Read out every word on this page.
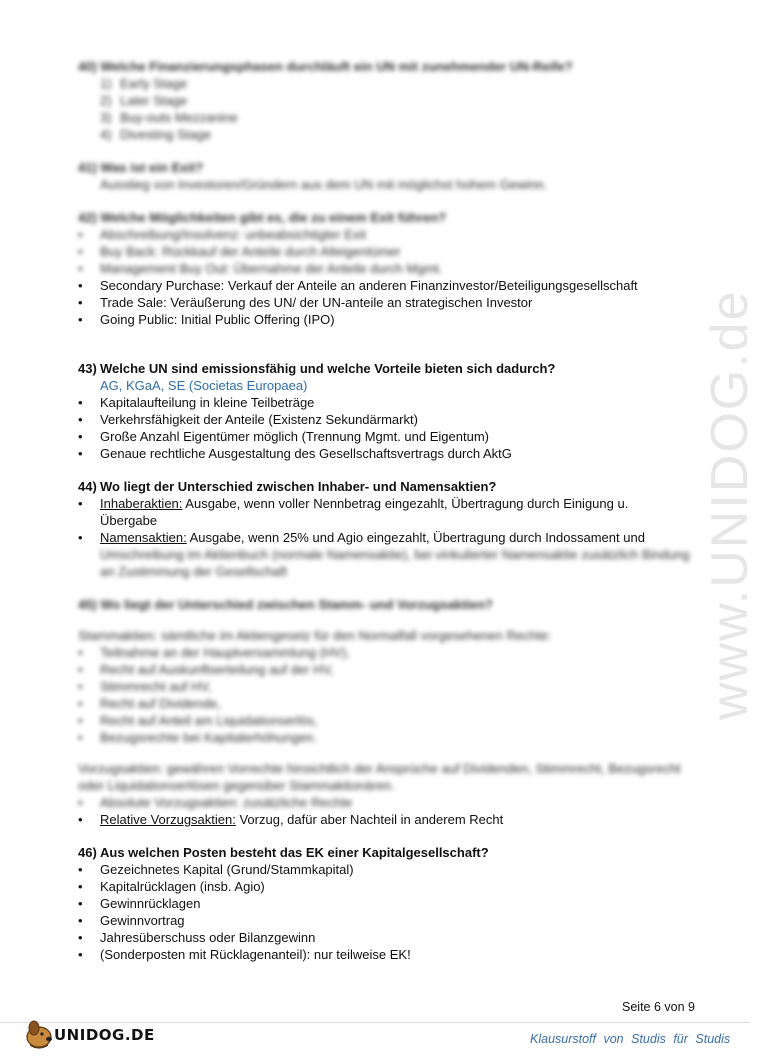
www.UNIDOG.de

40) Welche Finanzierungsphasen durchläuft ein UN mit zunehmender UN-Reife?

1) Early Stage
2) Later Stage
3) Buy-outs Mezzanine
4) Divesting Stage

41) Was ist ein Exit?

Ausstieg von Investoren/Gründern aus dem UN mit möglichst hohem Gewinn.

42) Welche Möglichkeiten gibt es, die zu einem Exit führen?

• Abschreibung/Insolvenz: unbeabsichtigter Exit
• Buy Back: Rückkauf der Anteile durch Alteigentümer
• Management Buy Out: Übernahme der Anteile durch Mgmt.
• Secondary Purchase: Verkauf der Anteile an anderen Finanzinvestor/Beteiligungsgesellschaft
• Trade Sale: Veräußerung des UN/ der UN-anteile an strategischen Investor
• Going Public: Initial Public Offering (IPO)

43) Welche UN sind emissionsfähig und welche Vorteile bieten sich dadurch?

AG, KGaA, SE (Societas Europaea)
• Kapitalaufteilung in kleine Teilbeträge
• Verkehrsfähigkeit der Anteile (Existenz Sekundärmarkt)
• Große Anzahl Eigentümer möglich (Trennung Mgmt. und Eigentum)
• Genaue rechtliche Ausgestaltung des Gesellschaftsvertrags durch AktG

44) Wo liegt der Unterschied zwischen Inhaber- und Namensaktien?

• Inhaberaktien: Ausgabe, wenn voller Nennbetrag eingezahlt, Übertragung durch Einigung u.
Übergabe
• Namensaktien: Ausgabe, wenn 25% und Agio eingezahlt, Übertragung durch Indossament und
Umschreibung im Aktienbuch (normale Namensaktie), bei vinkulierter Namensaktie zusätzlich Bindung an Zustimmung der Gesellschaft

45) Wo liegt der Unterschied zwischen Stamm- und Vorzugsaktien?

Stammaktien: sämtliche im Aktiengesetz für den Normalfall vorgesehenen Rechte:
• Teilnahme an der Hauptversammlung (HV),
• Recht auf Auskunftserteilung auf der HV,
• Stimmrecht auf HV,
• Recht auf Dividende,
• Recht auf Anteil am Liquidationserlös,
• Bezugsrechte bei Kapitalerhöhungen.
Vorzugsaktien: gewähren Vorrechte hinsichtlich der Ansprüche auf Dividenden, Stimmrecht, Bezugsrecht oder Liquidationserlösen gegenüber Stammaktionären.
• Absolute Vorzugsaktien: zusätzliche Rechte
• Relative Vorzugsaktien: Vorzug, dafür aber Nachteil in anderem Recht

46) Aus welchen Posten besteht das EK einer Kapitalgesellschaft?

• Gezeichnetes Kapital (Grund/Stammkapital)
• Kapitalrücklagen (insb. Agio)
• Gewinnrücklagen
• Gewinnvortrag
• Jahresüberschuss oder Bilanzgewinn
• (Sonderposten mit Rücklagenanteil): nur teilweise EK!
Seite 6 von 9
UNIDOG.DE	Klausurstoff von Studis für Studis
